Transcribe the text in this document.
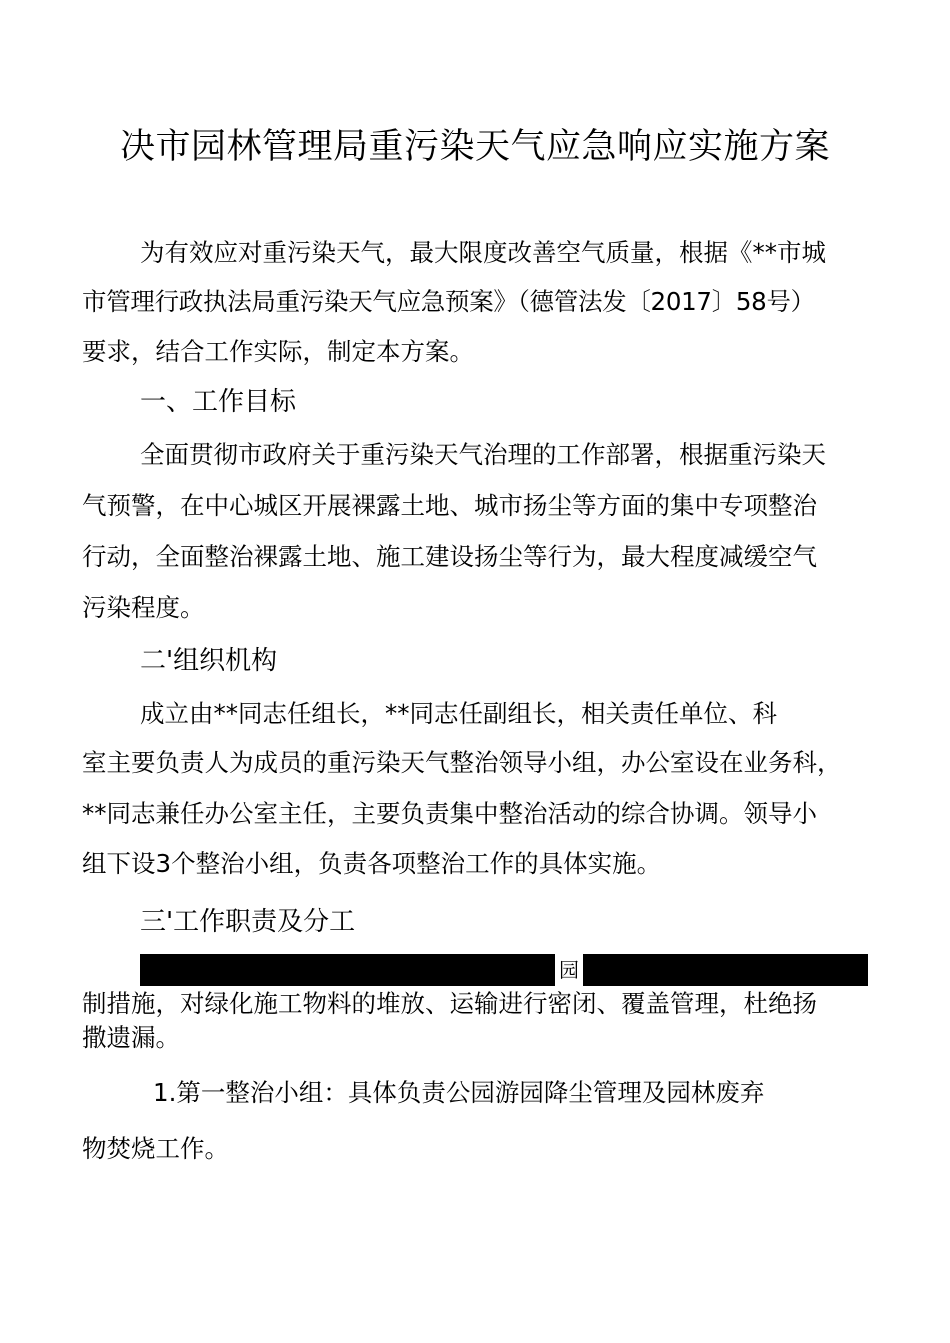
决市园林管理局重污染天气应急响应实施方案

为有效应对重污染天气，最大限度改善空气质量，根据《**市城

市管理行政执法局重污染天气应急预案》（德管法发〔2017〕58号）

要求，结合工作实际，制定本方案。

一、工作目标

全面贯彻市政府关于重污染天气治理的工作部署，根据重污染天

气预警，在中心城区开展裸露土地、城市扬尘等方面的集中专项整治

行动，全面整治裸露土地、施工建设扬尘等行为，最大程度减缓空气

污染程度。

二'组织机构

成立由**同志任组长，**同志任副组长，相关责任单位、科

室主要负责人为成员的重污染天气整治领导小组，办公室设在业务科，

**同志兼任办公室主任，主要负责集中整治活动的综合协调。领导小

组下设3个整治小组，负责各项整治工作的具体实施。

三'工作职责及分工
园

制措施，对绿化施工物料的堆放、运输进行密闭、覆盖管理，杜绝扬

撒遗漏。

1.第一整治小组：具体负责公园游园降尘管理及园林废弃

物焚烧工作。
